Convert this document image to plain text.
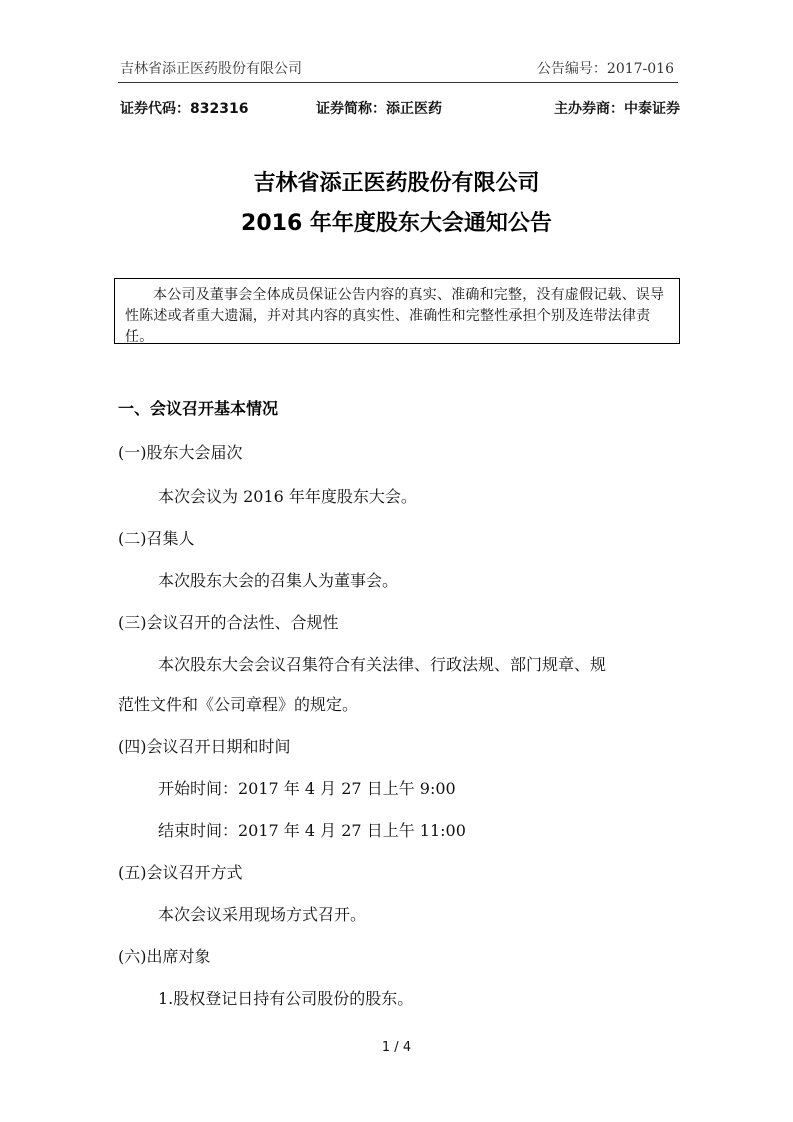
吉林省添正医药股份有限公司	公告编号：2017-016
证券代码：832316	证券简称：添正医药	主办券商：中泰证券
吉林省添正医药股份有限公司
2016 年年度股东大会通知公告
本公司及董事会全体成员保证公告内容的真实、准确和完整，没有虚假记载、误导性陈述或者重大遗漏，并对其内容的真实性、准确性和完整性承担个别及连带法律责任。
一、会议召开基本情况
(一)股东大会届次
本次会议为 2016 年年度股东大会。
(二)召集人
本次股东大会的召集人为董事会。
(三)会议召开的合法性、合规性
本次股东大会会议召集符合有关法律、行政法规、部门规章、规
范性文件和《公司章程》的规定。
(四)会议召开日期和时间
开始时间：2017 年 4 月 27 日上午 9:00
结束时间：2017 年 4 月 27 日上午 11:00
(五)会议召开方式
本次会议采用现场方式召开。
(六)出席对象
1.股权登记日持有公司股份的股东。
1 / 4
